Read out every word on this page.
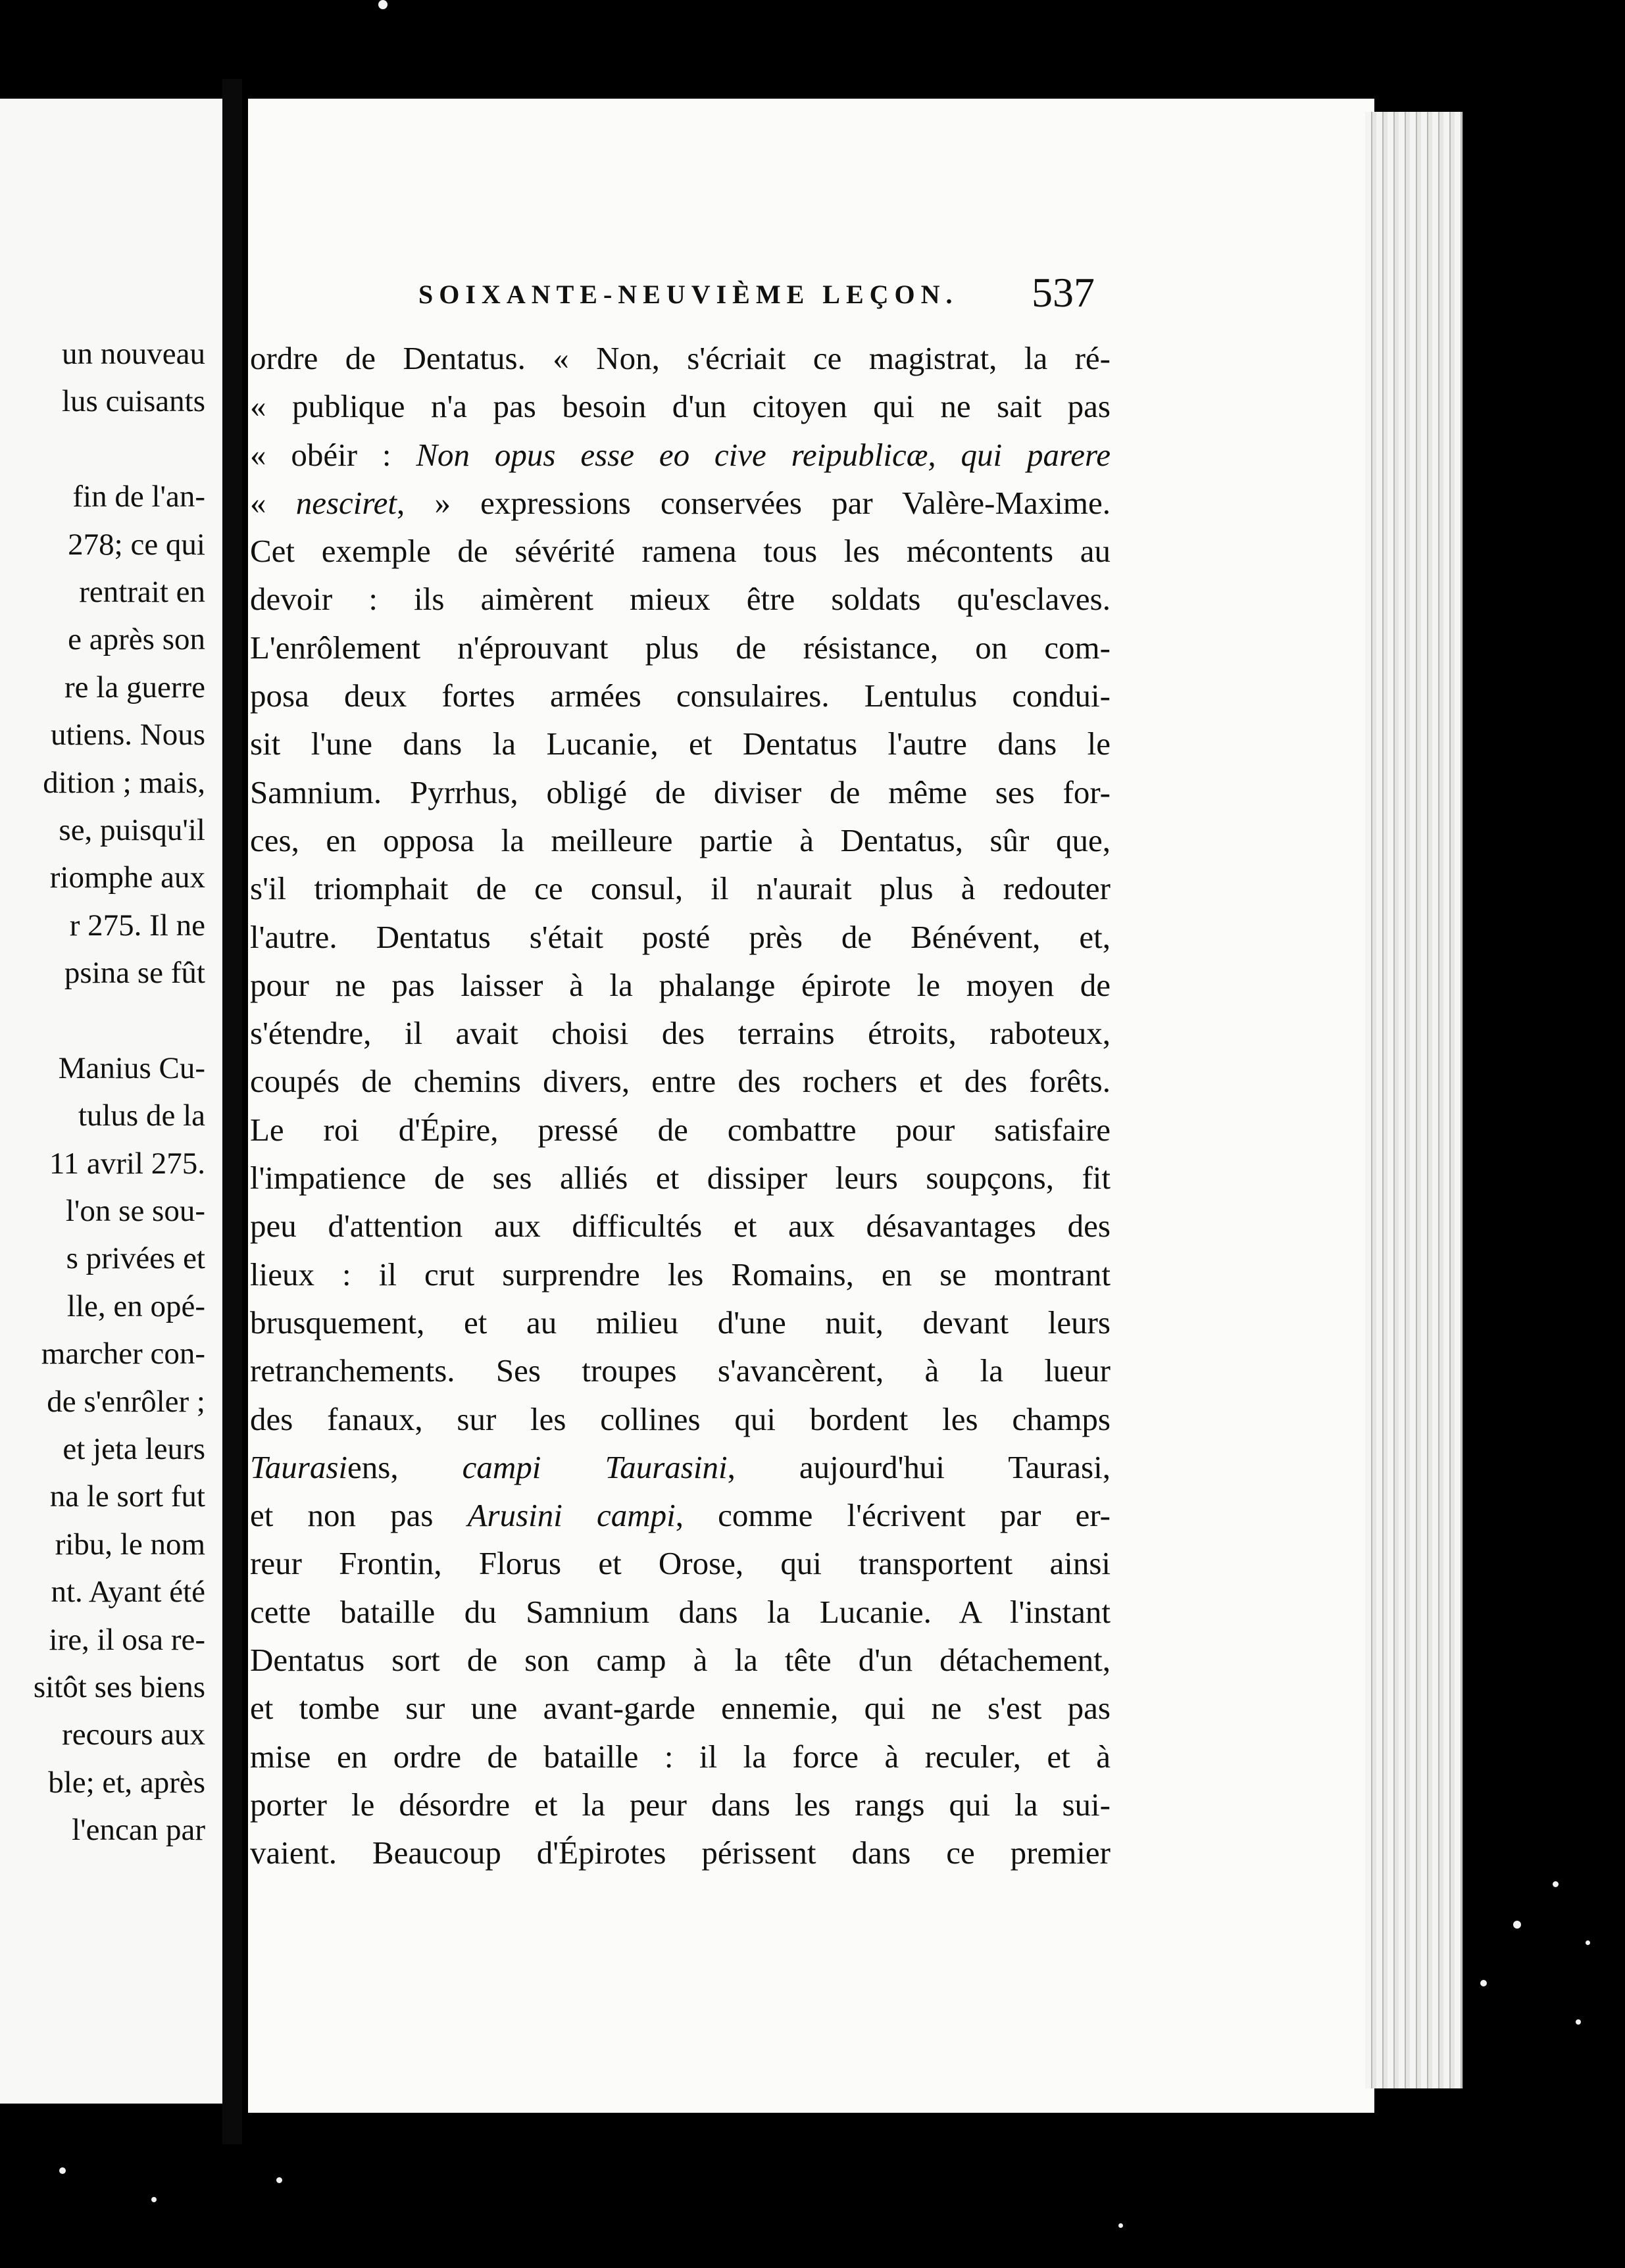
un nouveau
lus cuisants
fin de l'an-
278; ce qui
rentrait en
e après son
re la guerre
utiens. Nous
dition ; mais,
se, puisqu'il
riomphe aux
r 275. Il ne
psina se fût
Manius Cu-
tulus de la
11 avril 275.
l'on se sou-
s privées et
lle, en opé-
marcher con-
de s'enrôler ;
et jeta leurs
na le sort fut
ribu, le nom
nt. Ayant été
ire, il osa re-
sitôt ses biens
recours aux
ble; et, après
l'encan par
SOIXANTE-NEUVIÈME LEÇON. 537
ordre de Dentatus. « Non, s'écriait ce magistrat, la ré-
« publique n'a pas besoin d'un citoyen qui ne sait pas
« obéir : Non opus esse eo cive reipublicæ, qui parere
« nesciret, » expressions conservées par Valère-Maxime.
Cet exemple de sévérité ramena tous les mécontents au
devoir : ils aimèrent mieux être soldats qu'esclaves.
L'enrôlement n'éprouvant plus de résistance, on com-
posa deux fortes armées consulaires. Lentulus condui-
sit l'une dans la Lucanie, et Dentatus l'autre dans le
Samnium. Pyrrhus, obligé de diviser de même ses for-
ces, en opposa la meilleure partie à Dentatus, sûr que,
s'il triomphait de ce consul, il n'aurait plus à redouter
l'autre. Dentatus s'était posté près de Bénévent, et,
pour ne pas laisser à la phalange épirote le moyen de
s'étendre, il avait choisi des terrains étroits, raboteux,
coupés de chemins divers, entre des rochers et des forêts.
Le roi d'Épire, pressé de combattre pour satisfaire
l'impatience de ses alliés et dissiper leurs soupçons, fit
peu d'attention aux difficultés et aux désavantages des
lieux : il crut surprendre les Romains, en se montrant
brusquement, et au milieu d'une nuit, devant leurs
retranchements. Ses troupes s'avancèrent, à la lueur
des fanaux, sur les collines qui bordent les champs
Taurasiens, campi Taurasini, aujourd'hui Taurasi,
et non pas Arusini campi, comme l'écrivent par er-
reur Frontin, Florus et Orose, qui transportent ainsi
cette bataille du Samnium dans la Lucanie. A l'instant
Dentatus sort de son camp à la tête d'un détachement,
et tombe sur une avant-garde ennemie, qui ne s'est pas
mise en ordre de bataille : il la force à reculer, et à
porter le désordre et la peur dans les rangs qui la sui-
vaient. Beaucoup d'Épirotes périssent dans ce premier
